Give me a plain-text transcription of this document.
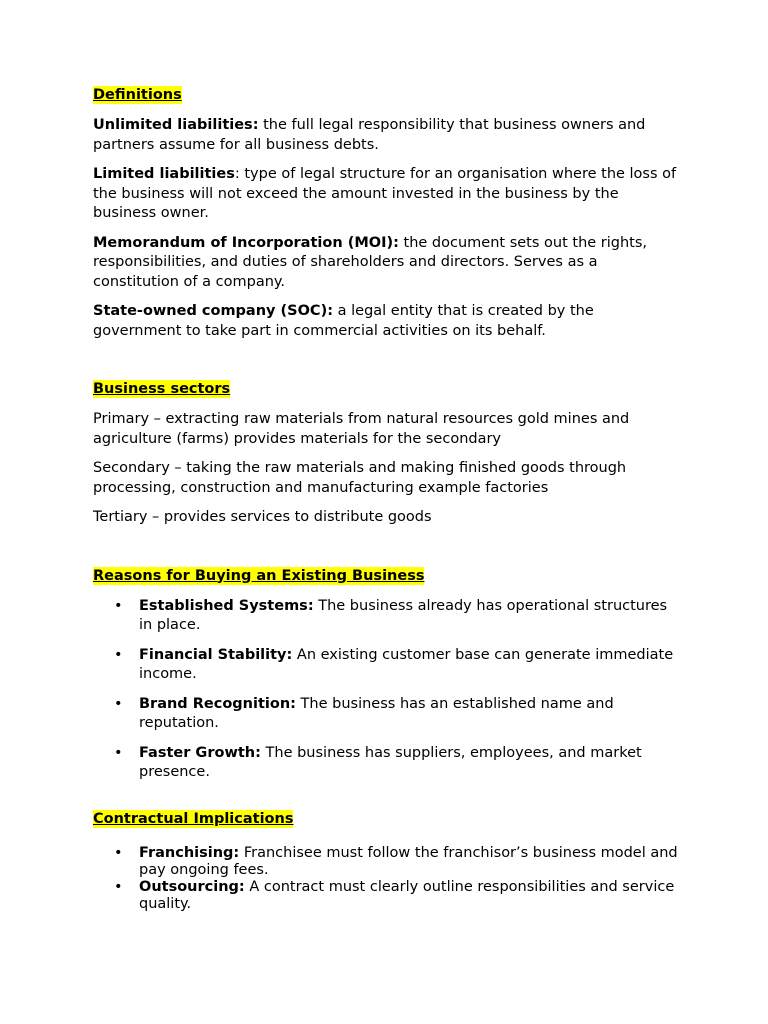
Definitions

Unlimited liabilities: the full legal responsibility that business owners and partners assume for all business debts.

Limited liabilities: type of legal structure for an organisation where the loss of the business will not exceed the amount invested in the business by the business owner.

Memorandum of Incorporation (MOI): the document sets out the rights, responsibilities, and duties of shareholders and directors. Serves as a constitution of a company.

State-owned company (SOC): a legal entity that is created by the government to take part in commercial activities on its behalf.

Business sectors

Primary – extracting raw materials from natural resources gold mines and agriculture (farms) provides materials for the secondary

Secondary – taking the raw materials and making finished goods through processing, construction and manufacturing example factories

Tertiary – provides services to distribute goods

Reasons for Buying an Existing Business
• Established Systems: The business already has operational structures in place.
• Financial Stability: An existing customer base can generate immediate income.
• Brand Recognition: The business has an established name and reputation.
• Faster Growth: The business has suppliers, employees, and market presence.
Contractual Implications
• Franchising: Franchisee must follow the franchisor’s business model and pay ongoing fees.
• Outsourcing: A contract must clearly outline responsibilities and service quality.
